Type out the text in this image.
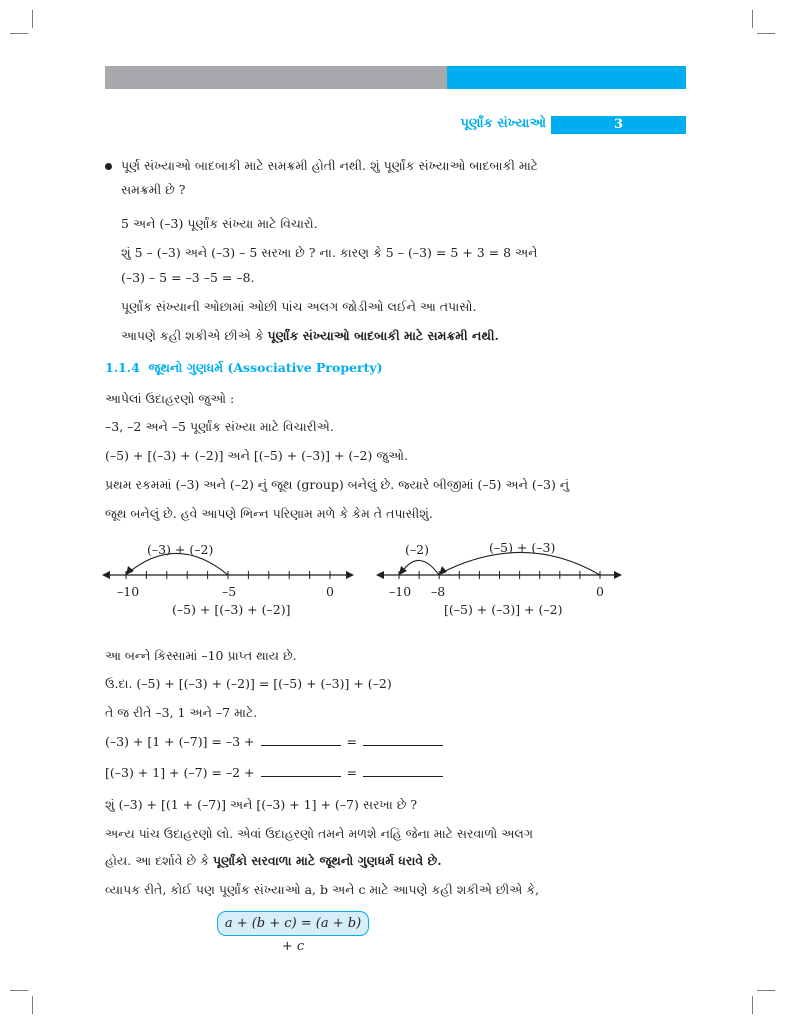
પૂર્ણાંક સંખ્યાઓ	3
પૂર્ણ સંખ્યાઓ બાદબાકી માટે સમક્રમી હોતી નથી. શું પૂર્ણાંક સંખ્યાઓ બાદબાકી માટે
સમક્રમી છે ?
5 અને (–3) પૂર્ણાંક સંખ્યા માટે વિચારો.
શું 5 – (–3) અને (–3) – 5 સરખા છે ? ના. કારણ કે 5 – (–3) = 5 + 3 = 8 અને
(–3) – 5 = –3 –5 = –8.
પૂર્ણાંક સંખ્યાની ઓછામાં ઓછી પાંચ અલગ જોડીઓ લઈને આ તપાસો.
આપણે કહી શકીએ છીએ કે પૂર્ણાંક સંખ્યાઓ બાદબાકી માટે સમક્રમી નથી.
1.1.4 જૂથનો ગુણધર્મ (Associative Property)
આપેલાં ઉદાહરણો જુઓ :
–3, –2 અને –5 પૂર્ણાંક સંખ્યા માટે વિચારીએ.
(–5) + [(–3) + (–2)] અને [(–5) + (–3)] + (–2) જુઓ.
પ્રથમ રકમમાં (–3) અને (–2) નું જૂથ (group) બનેલું છે. જ્યારે બીજીમાં (–5) અને (–3) નું
જૂથ બનેલું છે. હવે આપણે ભિન્ન પરિણામ મળે કે કેમ તે તપાસીશું.
(–3) + (–2)
–10	–5	0
(–5) + [(–3) + (–2)]
(–2)	(–5) + (–3)
–10 –8	0
[(–5) + (–3)] + (–2)
આ બન્ને કિસ્સામાં –10 પ્રાપ્ત થાય છે.
ઉ.દા. (–5) + [(–3) + (–2)] = [(–5) + (–3)] + (–2)
તે જ રીતે –3, 1 અને –7 માટે.
(–3) + [1 + (–7)] = –3 +	=
[(–3) + 1] + (–7) = –2 +	=
શું (–3) + [(1 + (–7)] અને [(–3) + 1] + (–7) સરખા છે ?
અન્ય પાંચ ઉદાહરણો લો. એવાં ઉદાહરણો તમને મળશે નહિ જેના માટે સરવાળો અલગ
હોય. આ દર્શાવે છે કે પૂર્ણાંકો સરવાળા માટે જૂથનો ગુણધર્મ ધરાવે છે.
વ્યાપક રીતે, કોઈ પણ પૂર્ણાંક સંખ્યાઓ a, b અને c માટે આપણે કહી શકીએ છીએ કે,
a + (b + c) = (a + b) + c
